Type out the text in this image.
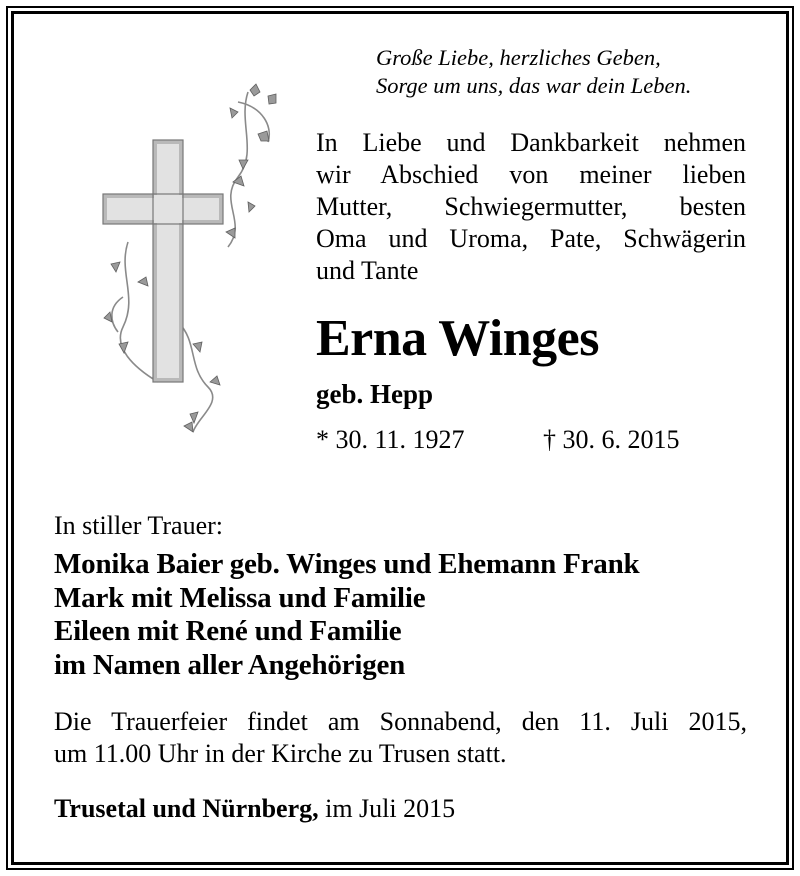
Große Liebe, herzliches Geben,
Sorge um uns, das war dein Leben.
In Liebe und Dankbarkeit nehmen
wir Abschied von meiner lieben
Mutter, Schwiegermutter, besten
Oma und Uroma, Pate, Schwägerin
und Tante
Erna Winges
geb. Hepp
* 30. 11. 1927	† 30. 6. 2015
In stiller Trauer:
Monika Baier geb. Winges und Ehemann Frank
Mark mit Melissa und Familie
Eileen mit René und Familie
im Namen aller Angehörigen
Die Trauerfeier findet am Sonnabend, den 11. Juli 2015,
um 11.00 Uhr in der Kirche zu Trusen statt.
Trusetal und Nürnberg, im Juli 2015
